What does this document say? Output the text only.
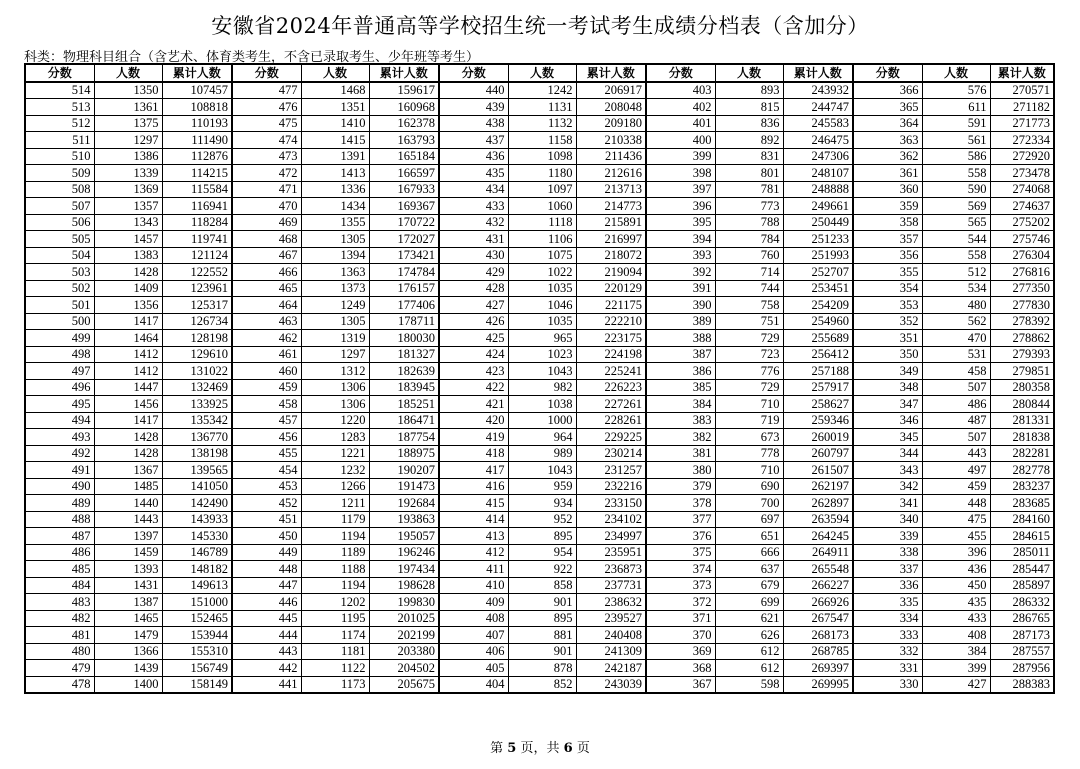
安徽省2024年普通高等学校招生统一考试考生成绩分档表（含加分）
科类：物理科目组合（含艺术、体育类考生，不含已录取考生、少年班等考生）
分数	人数	累计人数	分数	人数	累计人数	分数	人数	累计人数	分数	人数	累计人数	分数	人数	累计人数
514	1350	107457	477	1468	159617	440	1242	206917	403	893	243932	366	576	270571
513	1361	108818	476	1351	160968	439	1131	208048	402	815	244747	365	611	271182
512	1375	110193	475	1410	162378	438	1132	209180	401	836	245583	364	591	271773
511	1297	111490	474	1415	163793	437	1158	210338	400	892	246475	363	561	272334
510	1386	112876	473	1391	165184	436	1098	211436	399	831	247306	362	586	272920
509	1339	114215	472	1413	166597	435	1180	212616	398	801	248107	361	558	273478
508	1369	115584	471	1336	167933	434	1097	213713	397	781	248888	360	590	274068
507	1357	116941	470	1434	169367	433	1060	214773	396	773	249661	359	569	274637
506	1343	118284	469	1355	170722	432	1118	215891	395	788	250449	358	565	275202
505	1457	119741	468	1305	172027	431	1106	216997	394	784	251233	357	544	275746
504	1383	121124	467	1394	173421	430	1075	218072	393	760	251993	356	558	276304
503	1428	122552	466	1363	174784	429	1022	219094	392	714	252707	355	512	276816
502	1409	123961	465	1373	176157	428	1035	220129	391	744	253451	354	534	277350
501	1356	125317	464	1249	177406	427	1046	221175	390	758	254209	353	480	277830
500	1417	126734	463	1305	178711	426	1035	222210	389	751	254960	352	562	278392
499	1464	128198	462	1319	180030	425	965	223175	388	729	255689	351	470	278862
498	1412	129610	461	1297	181327	424	1023	224198	387	723	256412	350	531	279393
497	1412	131022	460	1312	182639	423	1043	225241	386	776	257188	349	458	279851
496	1447	132469	459	1306	183945	422	982	226223	385	729	257917	348	507	280358
495	1456	133925	458	1306	185251	421	1038	227261	384	710	258627	347	486	280844
494	1417	135342	457	1220	186471	420	1000	228261	383	719	259346	346	487	281331
493	1428	136770	456	1283	187754	419	964	229225	382	673	260019	345	507	281838
492	1428	138198	455	1221	188975	418	989	230214	381	778	260797	344	443	282281
491	1367	139565	454	1232	190207	417	1043	231257	380	710	261507	343	497	282778
490	1485	141050	453	1266	191473	416	959	232216	379	690	262197	342	459	283237
489	1440	142490	452	1211	192684	415	934	233150	378	700	262897	341	448	283685
488	1443	143933	451	1179	193863	414	952	234102	377	697	263594	340	475	284160
487	1397	145330	450	1194	195057	413	895	234997	376	651	264245	339	455	284615
486	1459	146789	449	1189	196246	412	954	235951	375	666	264911	338	396	285011
485	1393	148182	448	1188	197434	411	922	236873	374	637	265548	337	436	285447
484	1431	149613	447	1194	198628	410	858	237731	373	679	266227	336	450	285897
483	1387	151000	446	1202	199830	409	901	238632	372	699	266926	335	435	286332
482	1465	152465	445	1195	201025	408	895	239527	371	621	267547	334	433	286765
481	1479	153944	444	1174	202199	407	881	240408	370	626	268173	333	408	287173
480	1366	155310	443	1181	203380	406	901	241309	369	612	268785	332	384	287557
479	1439	156749	442	1122	204502	405	878	242187	368	612	269397	331	399	287956
478	1400	158149	441	1173	205675	404	852	243039	367	598	269995	330	427	288383
第 5 页，共 6 页
